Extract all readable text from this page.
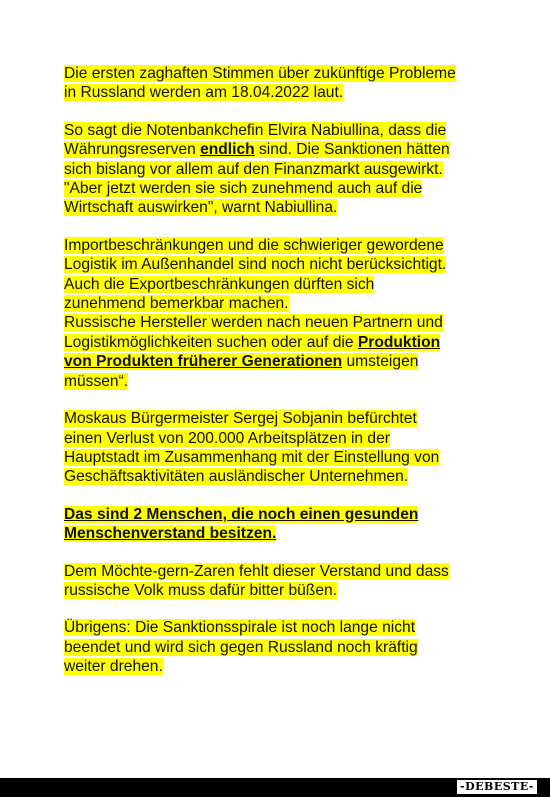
Die ersten zaghaften Stimmen über zukünftige Probleme
in Russland werden am 18.04.2022 laut.
So sagt die Notenbankchefin Elvira Nabiullina, dass die
Währungsreserven endlich sind. Die Sanktionen hätten
sich bislang vor allem auf den Finanzmarkt ausgewirkt.
"Aber jetzt werden sie sich zunehmend auch auf die
Wirtschaft auswirken", warnt Nabiullina.
Importbeschränkungen und die schwieriger gewordene
Logistik im Außenhandel sind noch nicht berücksichtigt.
Auch die Exportbeschränkungen dürften sich
zunehmend bemerkbar machen.
Russische Hersteller werden nach neuen Partnern und
Logistikmöglichkeiten suchen oder auf die Produktion
von Produkten früherer Generationen umsteigen
müssen“.
Moskaus Bürgermeister Sergej Sobjanin befürchtet
einen Verlust von 200.000 Arbeitsplätzen in der
Hauptstadt im Zusammenhang mit der Einstellung von
Geschäftsaktivitäten ausländischer Unternehmen.
Das sind 2 Menschen, die noch einen gesunden
Menschenverstand besitzen.
Dem Möchte-gern-Zaren fehlt dieser Verstand und dass
russische Volk muss dafür bitter büßen.
Übrigens: Die Sanktionsspirale ist noch lange nicht
beendet und wird sich gegen Russland noch kräftig
weiter drehen.
-DEBESTE-
